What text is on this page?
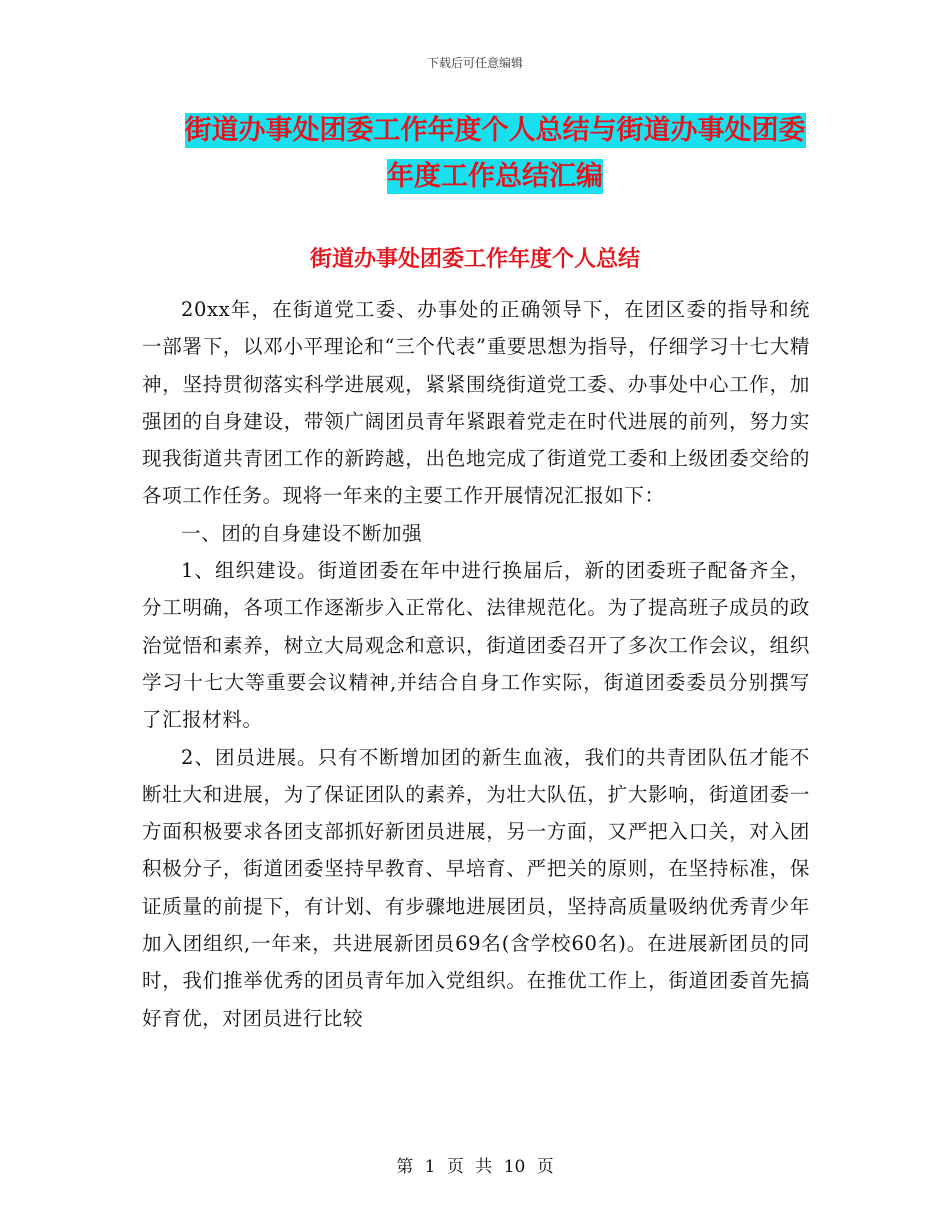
下载后可任意编辑
街道办事处团委工作年度个人总结与街道办事处团委
年度工作总结汇编
街道办事处团委工作年度个人总结

20xx年，在街道党工委、办事处的正确领导下，在团区委的指导和统一部署下，以邓小平理论和“三个代表”重要思想为指导，仔细学习十七大精神，坚持贯彻落实科学进展观，紧紧围绕街道党工委、办事处中心工作，加强团的自身建设，带领广阔团员青年紧跟着党走在时代进展的前列，努力实现我街道共青团工作的新跨越，出色地完成了街道党工委和上级团委交给的各项工作任务。现将一年来的主要工作开展情况汇报如下：

一、团的自身建设不断加强

1、组织建设。街道团委在年中进行换届后，新的团委班子配备齐全，分工明确，各项工作逐渐步入正常化、法律规范化。为了提高班子成员的政治觉悟和素养，树立大局观念和意识，街道团委召开了多次工作会议，组织学习十七大等重要会议精神,并结合自身工作实际，街道团委委员分别撰写了汇报材料。

2、团员进展。只有不断增加团的新生血液，我们的共青团队伍才能不断壮大和进展，为了保证团队的素养，为壮大队伍，扩大影响，街道团委一方面积极要求各团支部抓好新团员进展，另一方面，又严把入口关，对入团积极分子，街道团委坚持早教育、早培育、严把关的原则，在坚持标准，保证质量的前提下，有计划、有步骤地进展团员，坚持高质量吸纳优秀青少年加入团组织,一年来，共进展新团员69名(含学校60名)。在进展新团员的同时，我们推举优秀的团员青年加入党组织。在推优工作上，街道团委首先搞好育优，对团员进行比较

第 1 页 共 10 页
